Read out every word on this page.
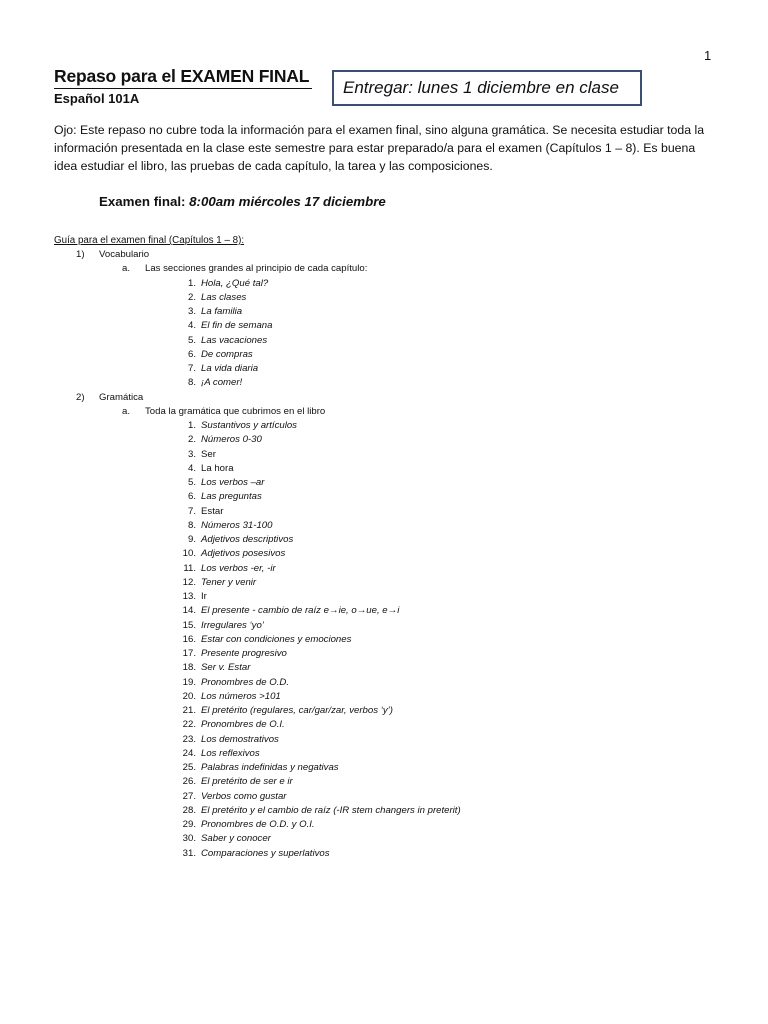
1
Repaso para el EXAMEN FINAL
Español 101A
Entregar: lunes 1 diciembre en clase
Ojo: Este repaso no cubre toda la información para el examen final, sino alguna gramática. Se necesita estudiar toda la información presentada en la clase este semestre para estar preparado/a para el examen (Capítulos 1 – 8). Es buena idea estudiar el libro, las pruebas de cada capítulo, la tarea y las composiciones.
Examen final: 8:00am miércoles 17 diciembre
Guía para el examen final (Capítulos 1 – 8):
1)	Vocabulario
a.	Las secciones grandes al principio de cada capítulo:
1. Hola, ¿Qué tal?
2. Las clases
3. La familia
4. El fin de semana
5. Las vacaciones
6. De compras
7. La vida diaria
8. ¡A comer!
2)	Gramática
a.	Toda la gramática que cubrimos en el libro
1. Sustantivos y artículos
2. Números 0-30
3. Ser
4. La hora
5. Los verbos –ar
6. Las preguntas
7. Estar
8. Números 31-100
9. Adjetivos descriptivos
10. Adjetivos posesivos
11. Los verbos -er, -ir
12. Tener y venir
13. Ir
14. El presente - cambio de raíz e→ie, o→ue, e→i
15. Irregulares ‘yo’
16. Estar con condiciones y emociones
17. Presente progresivo
18. Ser v. Estar
19. Pronombres de O.D.
20. Los números >101
21. El pretérito (regulares, car/gar/zar, verbos ‘y’)
22. Pronombres de O.I.
23. Los demostrativos
24. Los reflexivos
25. Palabras indefinidas y negativas
26. El pretérito de ser e ir
27. Verbos como gustar
28. El pretérito y el cambio de raíz (-IR stem changers in preterit)
29. Pronombres de O.D. y O.I.
30. Saber y conocer
31. Comparaciones y superlativos
